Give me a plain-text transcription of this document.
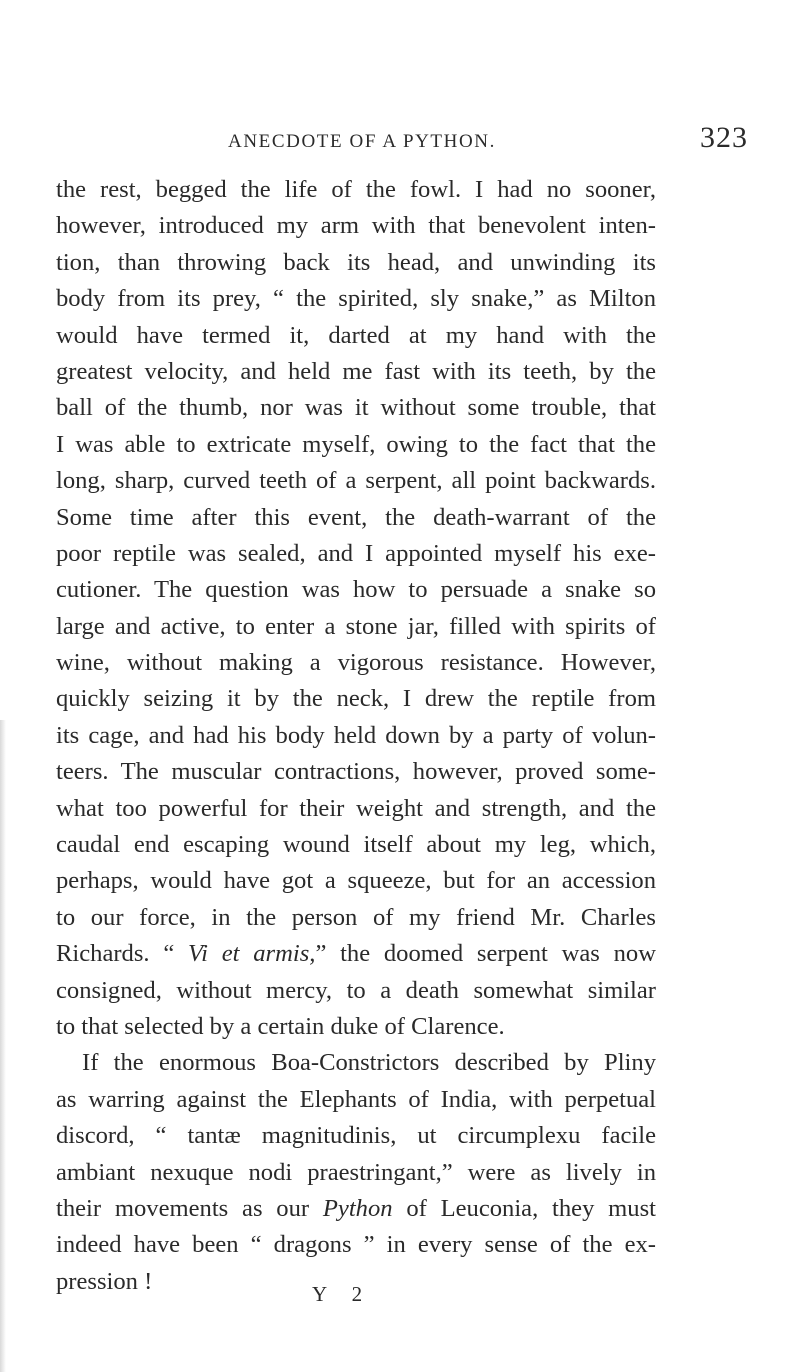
ANECDOTE OF A PYTHON.	323
the rest, begged the life of the fowl. I had no sooner,
however, introduced my arm with that benevolent inten-
tion, than throwing back its head, and unwinding its
body from its prey, “ the spirited, sly snake,” as Milton
would have termed it, darted at my hand with the
greatest velocity, and held me fast with its teeth, by the
ball of the thumb, nor was it without some trouble, that
I was able to extricate myself, owing to the fact that the
long, sharp, curved teeth of a serpent, all point backwards.
Some time after this event, the death-warrant of the
poor reptile was sealed, and I appointed myself his exe-
cutioner. The question was how to persuade a snake so
large and active, to enter a stone jar, filled with spirits of
wine, without making a vigorous resistance. However,
quickly seizing it by the neck, I drew the reptile from
its cage, and had his body held down by a party of volun-
teers. The muscular contractions, however, proved some-
what too powerful for their weight and strength, and the
caudal end escaping wound itself about my leg, which,
perhaps, would have got a squeeze, but for an accession
to our force, in the person of my friend Mr. Charles
Richards. “ Vi et armis,” the doomed serpent was now
consigned, without mercy, to a death somewhat similar
to that selected by a certain duke of Clarence.
If the enormous Boa-Constrictors described by Pliny
as warring against the Elephants of India, with perpetual
discord, “ tantæ magnitudinis, ut circumplexu facile
ambiant nexuque nodi praestringant,” were as lively in
their movements as our Python of Leuconia, they must
indeed have been “ dragons ” in every sense of the ex-
pression !	Y 2
